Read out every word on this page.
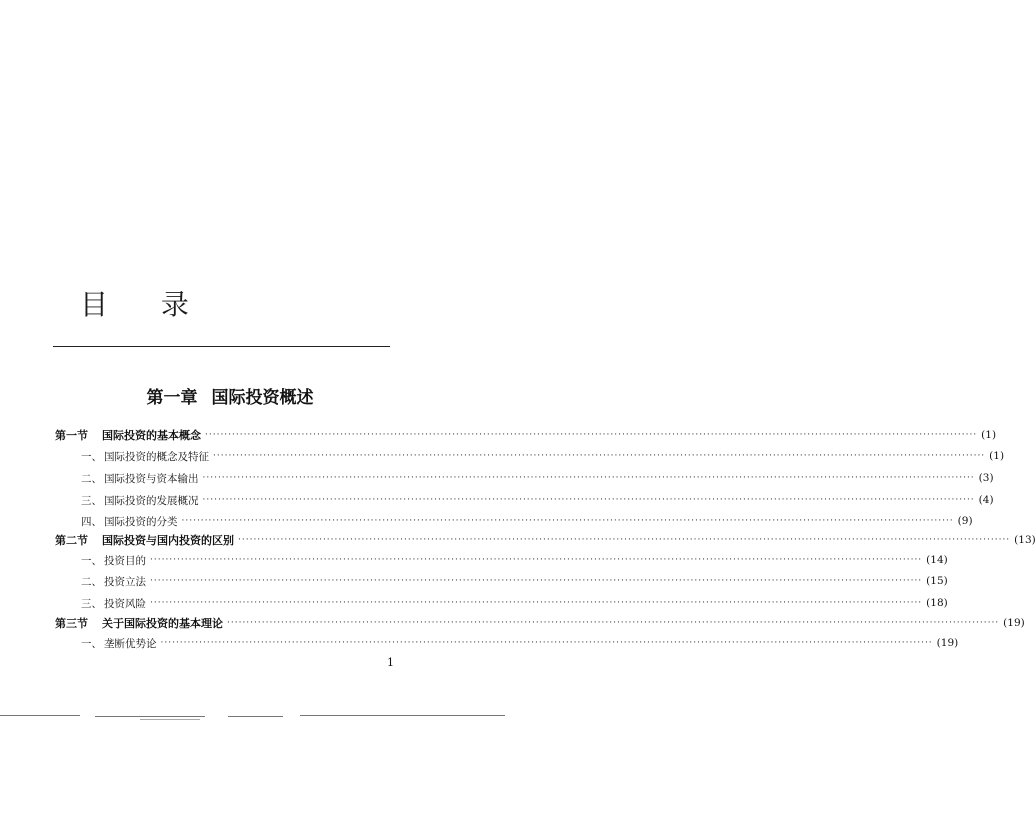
目 录
第一章 国际投资概述
第一节 国际投资的基本概念 ········································································································································································································ (1)
一、 国际投资的概念及特征 ········································································································································································································ (1)
二、 国际投资与资本输出 ········································································································································································································ (3)
三、 国际投资的发展概况 ········································································································································································································ (4)
四、 国际投资的分类 ········································································································································································································ (9)
第二节 国际投资与国内投资的区别 ········································································································································································································ (13)
一、 投资目的 ········································································································································································································ (14)
二、 投资立法 ········································································································································································································ (15)
三、 投资风险 ········································································································································································································ (18)
第三节 关于国际投资的基本理论 ········································································································································································································ (19)
一、 垄断优势论 ········································································································································································································ (19)
1
